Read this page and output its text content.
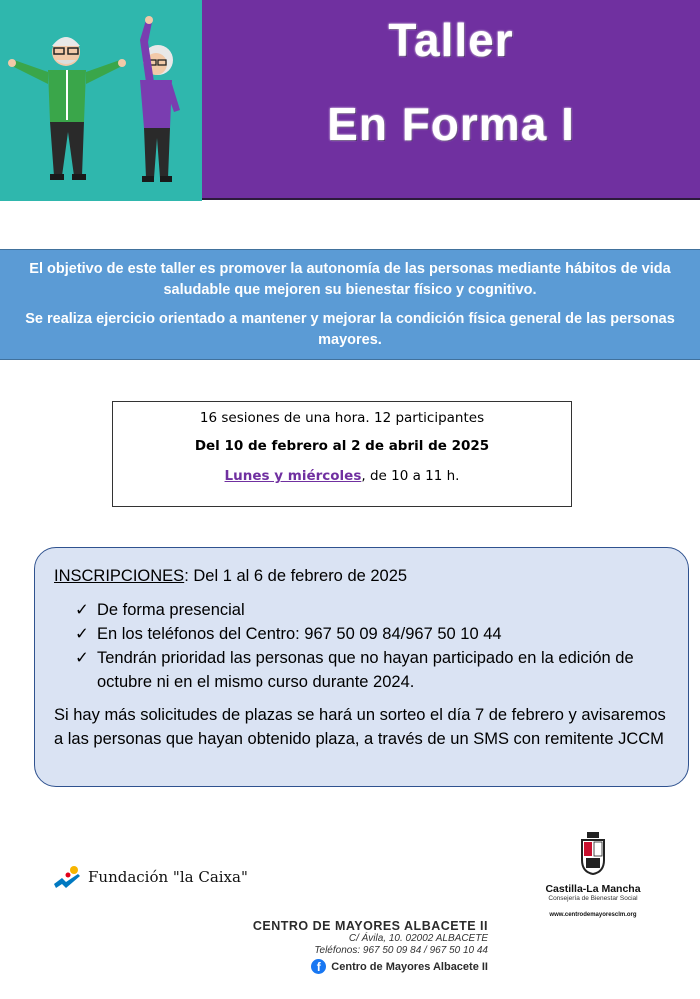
Taller
En Forma I

El objetivo de este taller es promover la autonomía de las personas mediante hábitos de vida saludable que mejoren su bienestar físico y cognitivo.

Se realiza ejercicio orientado a mantener y mejorar la condición física general de las personas mayores.

16 sesiones de una hora. 12 participantes
Del 10 de febrero al 2 de abril de 2025
Lunes y miércoles, de 10 a 11 h.
INSCRIPCIONES: Del 1 al 6 de febrero de 2025
✓ De forma presencial
✓ En los teléfonos del Centro: 967 50 09 84/967 50 10 44
✓ Tendrán prioridad las personas que no hayan participado en la edición de octubre ni en el mismo curso durante 2024.
Si hay más solicitudes de plazas se hará un sorteo el día 7 de febrero y avisaremos a las personas que hayan obtenido plaza, a través de un SMS con remitente JCCM
Fundación "la Caixa"
Castilla-La Mancha
Consejería de Bienestar Social
www.centrodemayoresclm.org
CENTRO DE MAYORES ALBACETE II
C/ Ávila, 10. 02002 ALBACETE
Teléfonos: 967 50 09 84 / 967 50 10 44
f Centro de Mayores Albacete II
